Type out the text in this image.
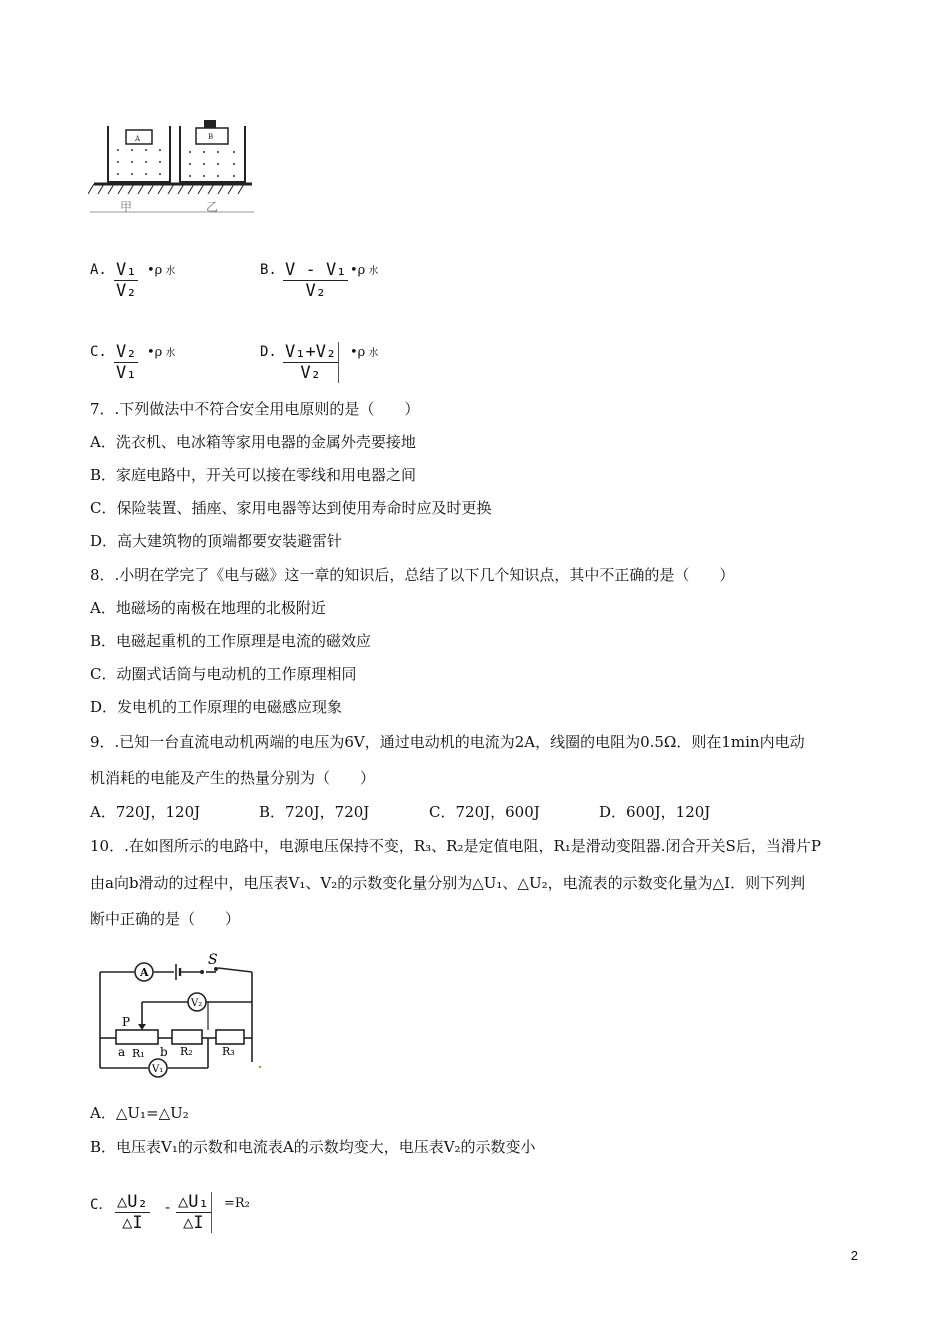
A	B
甲	乙
A. $\frac{\text{V₁}}{\text{V₂}}$ •ρ 水	B. $\frac{\text{V - V₁}}{\text{V₂}}$ •ρ 水
C. $\frac{\text{V₂}}{\text{V₁}}$ •ρ 水	D. $\frac{\text{V₁+V₂}}{\text{V₂}}$ •ρ 水
7．.下列做法中不符合安全用电原则的是（　　）
A．洗衣机、电冰箱等家用电器的金属外壳要接地
B．家庭电路中，开关可以接在零线和用电器之间
C．保险装置、插座、家用电器等达到使用寿命时应及时更换
D．高大建筑物的顶端都要安装避雷针
8．.小明在学完了《电与磁》这一章的知识后，总结了以下几个知识点，其中不正确的是（　　）
A．地磁场的南极在地理的北极附近
B．电磁起重机的工作原理是电流的磁效应
C．动圈式话筒与电动机的工作原理相同
D．发电机的工作原理的电磁感应现象
9．.已知一台直流电动机两端的电压为6V，通过电动机的电流为2A，线圈的电阻为0.5Ω．则在1min内电动
机消耗的电能及产生的热量分别为（　　）
A．720J，120J	B．720J，720J	C．720J，600J	D．600J，120J
10．.在如图所示的电路中，电源电压保持不变，R₃、R₂是定值电阻，R₁是滑动变阻器.闭合开关S后，当滑片P
由a向b滑动的过程中，电压表V₁、V₂的示数变化量分别为△U₁、△U₂，电流表的示数变化量为△I．则下列判
断中正确的是（　　）
A
S
V₂
V₁
P
a	b
R₁	R₂	R₃
A．△U₁=△U₂
B．电压表V₁的示数和电流表A的示数均变大，电压表V₂的示数变小
C． $\frac{\text{△U₂}}{\triangle I} - \frac{\text{△U₁}}{\triangle I} =R_2$
2
